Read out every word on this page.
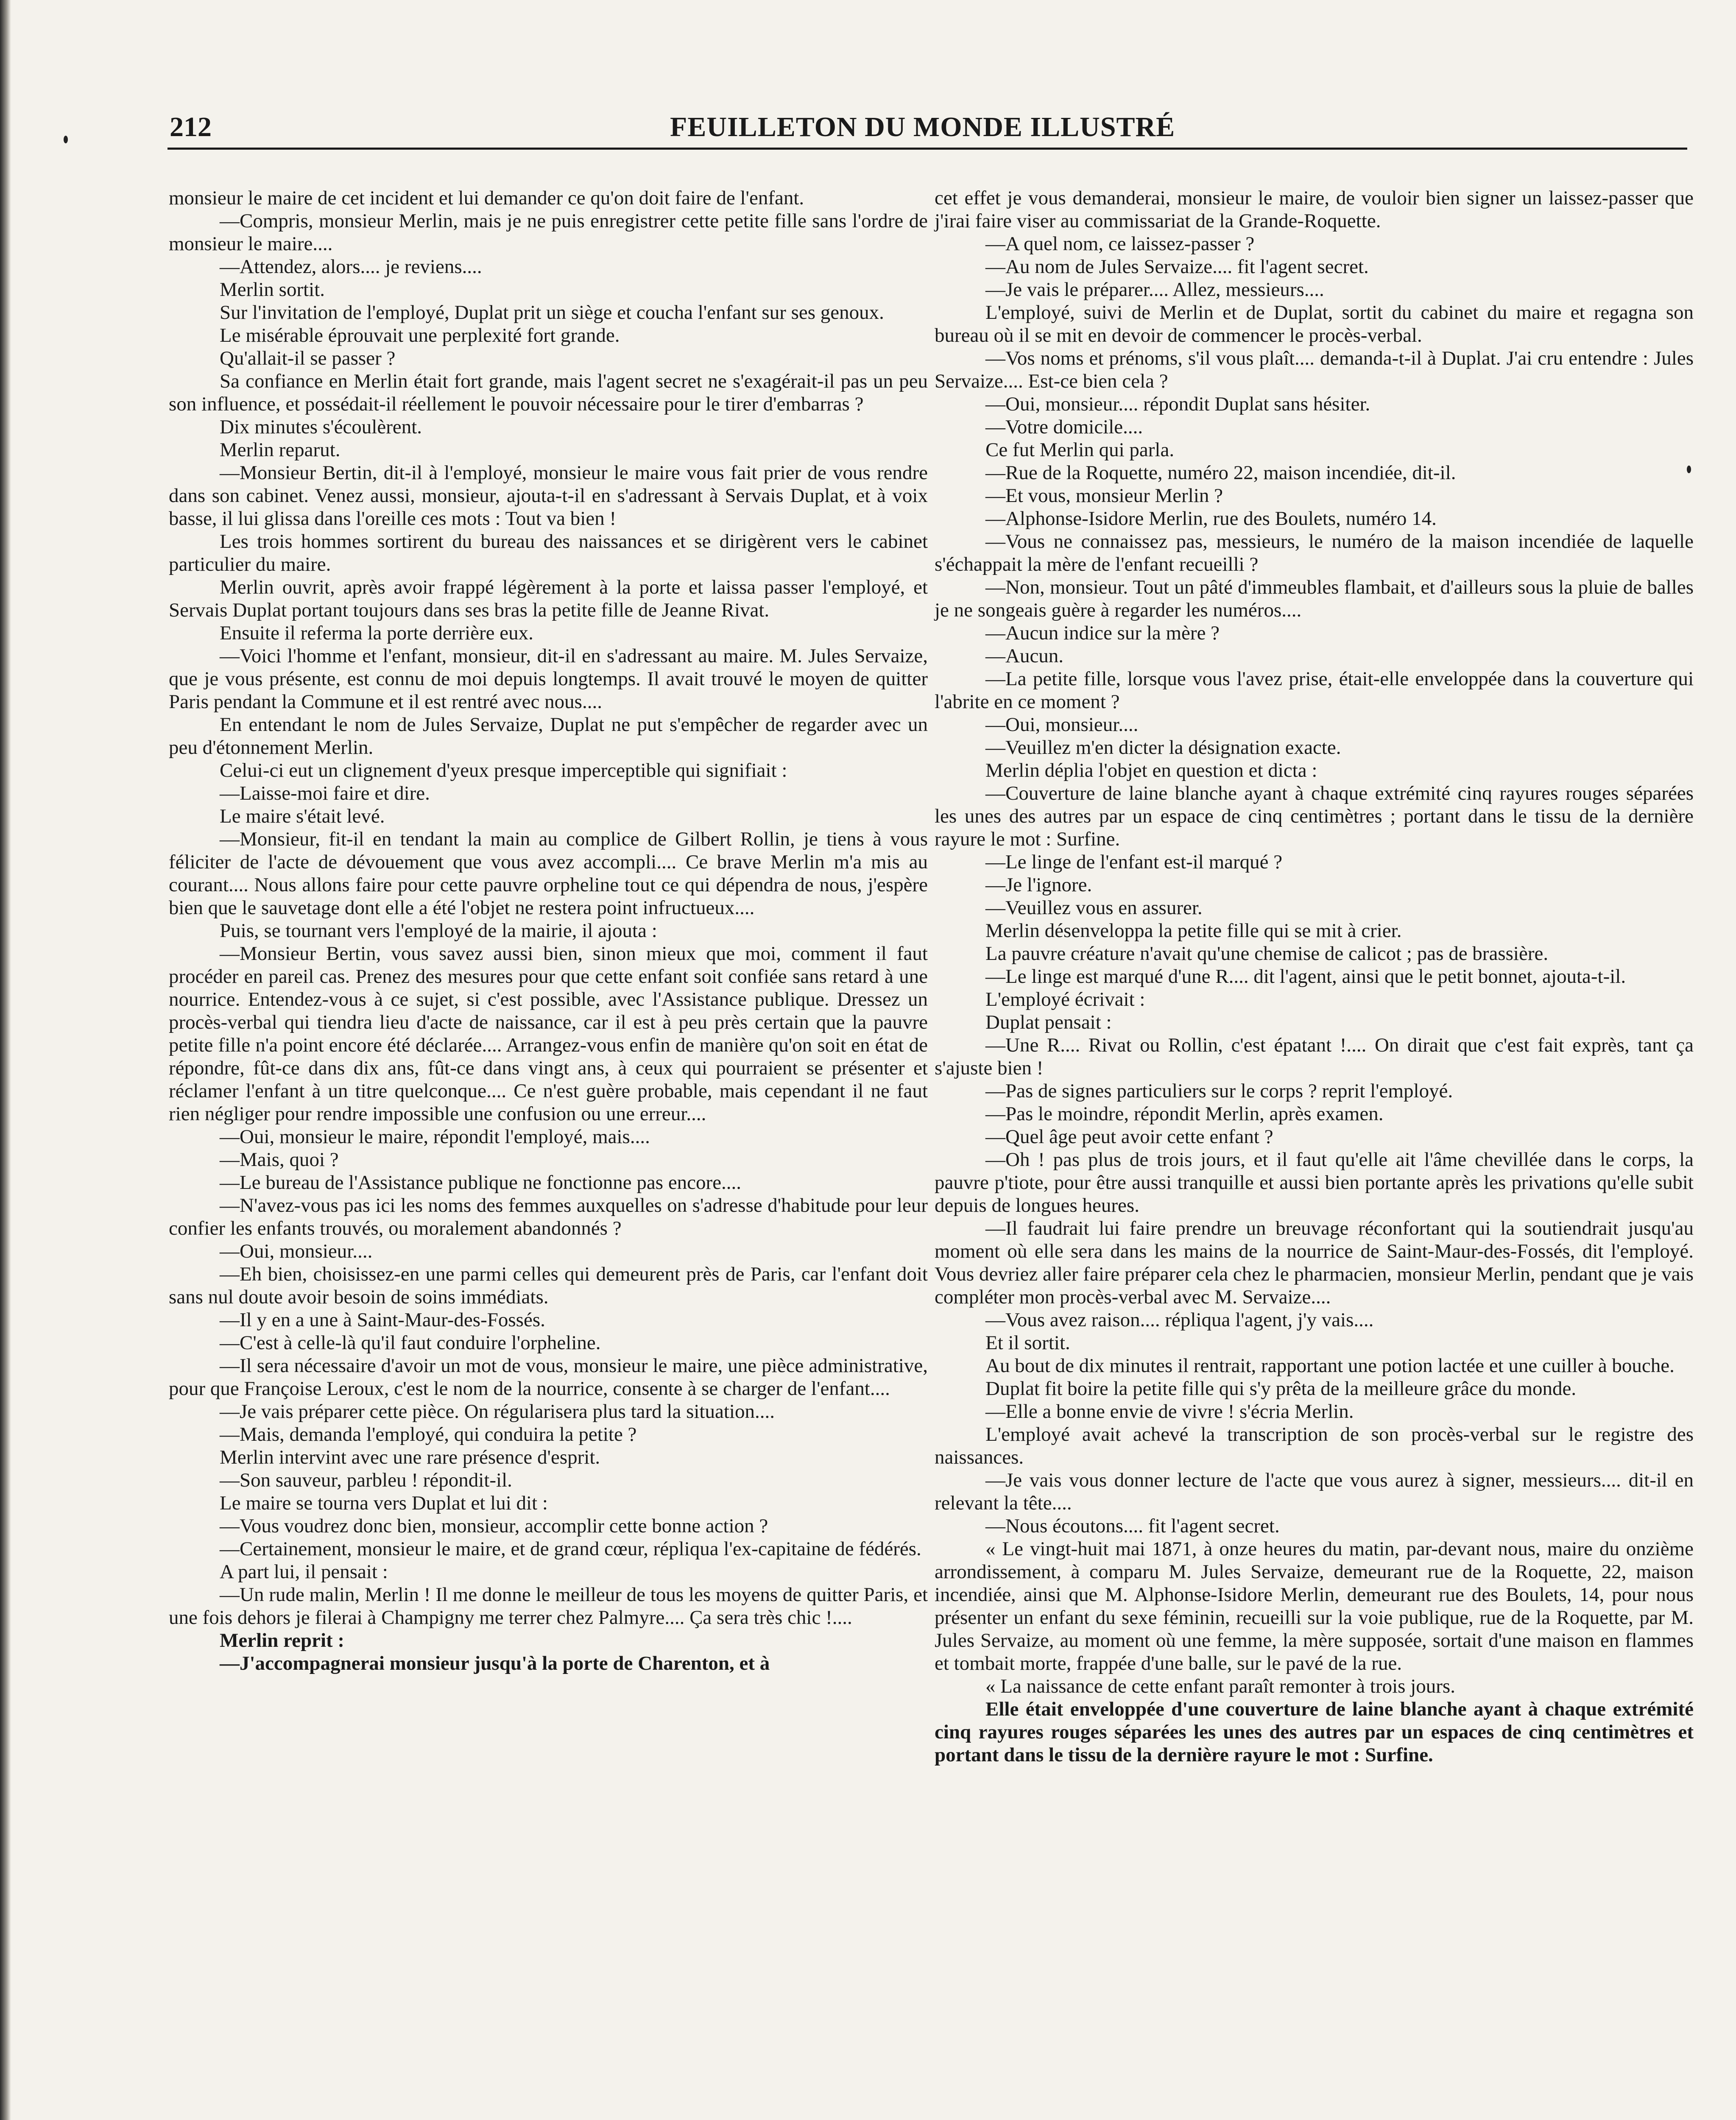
212	FEUILLETON DU MONDE ILLUSTRÉ

monsieur le maire de cet incident et lui demander ce qu'on doit faire de l'enfant.

—Compris, monsieur Merlin, mais je ne puis enregistrer cette petite fille sans l'ordre de monsieur le maire....

—Attendez, alors.... je reviens....

Merlin sortit.

Sur l'invitation de l'employé, Duplat prit un siège et coucha l'enfant sur ses genoux.

Le misérable éprouvait une perplexité fort grande.

Qu'allait-il se passer ?

Sa confiance en Merlin était fort grande, mais l'agent secret ne s'exagérait-il pas un peu son influence, et possédait-il réellement le pouvoir nécessaire pour le tirer d'embarras ?

Dix minutes s'écoulèrent.

Merlin reparut.

—Monsieur Bertin, dit-il à l'employé, monsieur le maire vous fait prier de vous rendre dans son cabinet. Venez aussi, monsieur, ajouta-t-il en s'adressant à Servais Duplat, et à voix basse, il lui glissa dans l'oreille ces mots : Tout va bien !

Les trois hommes sortirent du bureau des naissances et se dirigèrent vers le cabinet particulier du maire.

Merlin ouvrit, après avoir frappé légèrement à la porte et laissa passer l'employé, et Servais Duplat portant toujours dans ses bras la petite fille de Jeanne Rivat.

Ensuite il referma la porte derrière eux.

—Voici l'homme et l'enfant, monsieur, dit-il en s'adressant au maire. M. Jules Servaize, que je vous présente, est connu de moi depuis longtemps. Il avait trouvé le moyen de quitter Paris pendant la Commune et il est rentré avec nous....

En entendant le nom de Jules Servaize, Duplat ne put s'empêcher de regarder avec un peu d'étonnement Merlin.

Celui-ci eut un clignement d'yeux presque imperceptible qui signifiait :

—Laisse-moi faire et dire.

Le maire s'était levé.

—Monsieur, fit-il en tendant la main au complice de Gilbert Rollin, je tiens à vous féliciter de l'acte de dévouement que vous avez accompli.... Ce brave Merlin m'a mis au courant.... Nous allons faire pour cette pauvre orpheline tout ce qui dépendra de nous, j'espère bien que le sauvetage dont elle a été l'objet ne restera point infructueux....

Puis, se tournant vers l'employé de la mairie, il ajouta :

—Monsieur Bertin, vous savez aussi bien, sinon mieux que moi, comment il faut procéder en pareil cas. Prenez des mesures pour que cette enfant soit confiée sans retard à une nourrice. Entendez-vous à ce sujet, si c'est possible, avec l'Assistance publique. Dressez un procès-verbal qui tiendra lieu d'acte de naissance, car il est à peu près certain que la pauvre petite fille n'a point encore été déclarée.... Arrangez-vous enfin de manière qu'on soit en état de répondre, fût-ce dans dix ans, fût-ce dans vingt ans, à ceux qui pourraient se présenter et réclamer l'enfant à un titre quelconque.... Ce n'est guère probable, mais cependant il ne faut rien négliger pour rendre impossible une confusion ou une erreur....

—Oui, monsieur le maire, répondit l'employé, mais....

—Mais, quoi ?

—Le bureau de l'Assistance publique ne fonctionne pas encore....

—N'avez-vous pas ici les noms des femmes auxquelles on s'adresse d'habitude pour leur confier les enfants trouvés, ou moralement abandonnés ?

—Oui, monsieur....

—Eh bien, choisissez-en une parmi celles qui demeurent près de Paris, car l'enfant doit sans nul doute avoir besoin de soins immédiats.

—Il y en a une à Saint-Maur-des-Fossés.

—C'est à celle-là qu'il faut conduire l'orpheline.

—Il sera nécessaire d'avoir un mot de vous, monsieur le maire, une pièce administrative, pour que Françoise Leroux, c'est le nom de la nourrice, consente à se charger de l'enfant....

—Je vais préparer cette pièce. On régularisera plus tard la situation....

—Mais, demanda l'employé, qui conduira la petite ?

Merlin intervint avec une rare présence d'esprit.

—Son sauveur, parbleu ! répondit-il.

Le maire se tourna vers Duplat et lui dit :

—Vous voudrez donc bien, monsieur, accomplir cette bonne action ?

—Certainement, monsieur le maire, et de grand cœur, répliqua l'ex-capitaine de fédérés.

A part lui, il pensait :

—Un rude malin, Merlin ! Il me donne le meilleur de tous les moyens de quitter Paris, et une fois dehors je filerai à Champigny me terrer chez Palmyre.... Ça sera très chic !....

Merlin reprit :

—J'accompagnerai monsieur jusqu'à la porte de Charenton, et à

cet effet je vous demanderai, monsieur le maire, de vouloir bien signer un laissez-passer que j'irai faire viser au commissariat de la Grande-Roquette.

—A quel nom, ce laissez-passer ?

—Au nom de Jules Servaize.... fit l'agent secret.

—Je vais le préparer.... Allez, messieurs....

L'employé, suivi de Merlin et de Duplat, sortit du cabinet du maire et regagna son bureau où il se mit en devoir de commencer le procès-verbal.

—Vos noms et prénoms, s'il vous plaît.... demanda-t-il à Duplat. J'ai cru entendre : Jules Servaize.... Est-ce bien cela ?

—Oui, monsieur.... répondit Duplat sans hésiter.

—Votre domicile....

Ce fut Merlin qui parla.

—Rue de la Roquette, numéro 22, maison incendiée, dit-il.

—Et vous, monsieur Merlin ?

—Alphonse-Isidore Merlin, rue des Boulets, numéro 14.

—Vous ne connaissez pas, messieurs, le numéro de la maison incendiée de laquelle s'échappait la mère de l'enfant recueilli ?

—Non, monsieur. Tout un pâté d'immeubles flambait, et d'ailleurs sous la pluie de balles je ne songeais guère à regarder les numéros....

—Aucun indice sur la mère ?

—Aucun.

—La petite fille, lorsque vous l'avez prise, était-elle enveloppée dans la couverture qui l'abrite en ce moment ?

—Oui, monsieur....

—Veuillez m'en dicter la désignation exacte.

Merlin déplia l'objet en question et dicta :

—Couverture de laine blanche ayant à chaque extrémité cinq rayures rouges séparées les unes des autres par un espace de cinq centimètres ; portant dans le tissu de la dernière rayure le mot : Surfine.

—Le linge de l'enfant est-il marqué ?

—Je l'ignore.

—Veuillez vous en assurer.

Merlin désenveloppa la petite fille qui se mit à crier.

La pauvre créature n'avait qu'une chemise de calicot ; pas de brassière.

—Le linge est marqué d'une R.... dit l'agent, ainsi que le petit bonnet, ajouta-t-il.

L'employé écrivait :

Duplat pensait :

—Une R.... Rivat ou Rollin, c'est épatant !.... On dirait que c'est fait exprès, tant ça s'ajuste bien !

—Pas de signes particuliers sur le corps ? reprit l'employé.

—Pas le moindre, répondit Merlin, après examen.

—Quel âge peut avoir cette enfant ?

—Oh ! pas plus de trois jours, et il faut qu'elle ait l'âme chevillée dans le corps, la pauvre p'tiote, pour être aussi tranquille et aussi bien portante après les privations qu'elle subit depuis de longues heures.

—Il faudrait lui faire prendre un breuvage réconfortant qui la soutiendrait jusqu'au moment où elle sera dans les mains de la nourrice de Saint-Maur-des-Fossés, dit l'employé. Vous devriez aller faire préparer cela chez le pharmacien, monsieur Merlin, pendant que je vais compléter mon procès-verbal avec M. Servaize....

—Vous avez raison.... répliqua l'agent, j'y vais....

Et il sortit.

Au bout de dix minutes il rentrait, rapportant une potion lactée et une cuiller à bouche.

Duplat fit boire la petite fille qui s'y prêta de la meilleure grâce du monde.

—Elle a bonne envie de vivre ! s'écria Merlin.

L'employé avait achevé la transcription de son procès-verbal sur le registre des naissances.

—Je vais vous donner lecture de l'acte que vous aurez à signer, messieurs.... dit-il en relevant la tête....

—Nous écoutons.... fit l'agent secret.

« Le vingt-huit mai 1871, à onze heures du matin, par-devant nous, maire du onzième arrondissement, à comparu M. Jules Servaize, demeurant rue de la Roquette, 22, maison incendiée, ainsi que M. Alphonse-Isidore Merlin, demeurant rue des Boulets, 14, pour nous présenter un enfant du sexe féminin, recueilli sur la voie publique, rue de la Roquette, par M. Jules Servaize, au moment où une femme, la mère supposée, sortait d'une maison en flammes et tombait morte, frappée d'une balle, sur le pavé de la rue.

« La naissance de cette enfant paraît remonter à trois jours.

Elle était enveloppée d'une couverture de laine blanche ayant à chaque extrémité cinq rayures rouges séparées les unes des autres par un espaces de cinq centimètres et portant dans le tissu de la dernière rayure le mot : Surfine.
